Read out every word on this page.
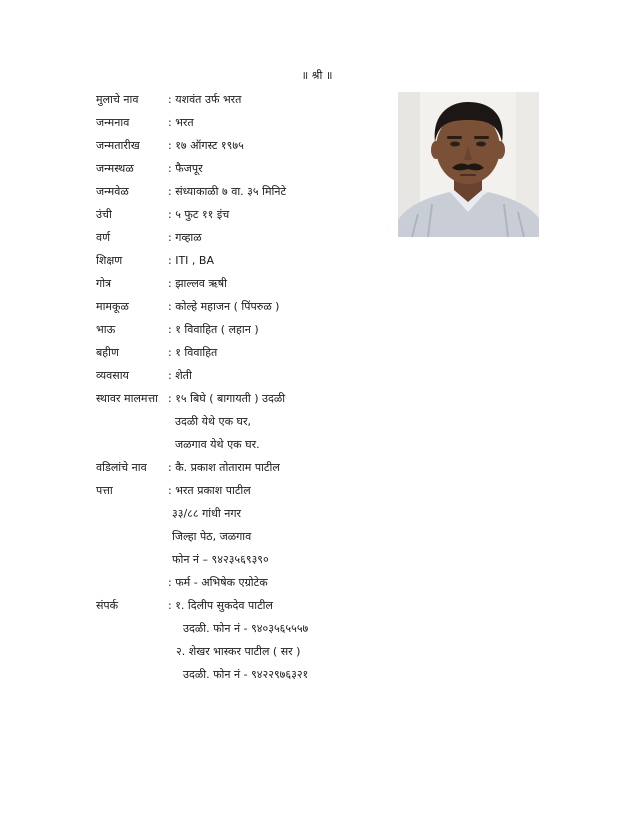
॥ श्री ॥
मुलाचे नाव	: यशवंत उर्फ भरत
जन्मनाव	: भरत
जन्मतारीख	: १७ ऑगस्ट १९७५
जन्मस्थळ	: फैजपूर
जन्मवेळ	: संध्याकाळी ७ वा. ३५ मिनिटे
उंची	: ५ फुट ११ इंच
वर्ण	: गव्हाळ
शिक्षण	: ITI , BA
गोत्र	: झाल्लव ऋषी
मामकूळ	: कोल्हे महाजन ( पिंपरुळ )
भाऊ	: १ विवाहित ( लहान )
बहीण	: १ विवाहित
व्यवसाय	: शेती
स्थावर मालमत्ता : १५ बिघे ( बागायती ) उदळी
उदळी येथे एक घर,
जळगाव येथे एक घर.
वडिलांचे नाव : कै. प्रकाश तोताराम पाटील
पत्ता	: भरत प्रकाश पाटील
३३/८८ गांधी नगर
जिल्हा पेठ, जळगाव
फोन नं – ९४२३५६९३९०
: फर्म - अभिषेक एग्रोटेक
संपर्क	: १. दिलीप सुकदेव पाटील
उदळी. फोन नं - ९४०३५६५५५७
२. शेखर भास्कर पाटील ( सर )
उदळी. फोन नं - ९४२२९७६३२१
